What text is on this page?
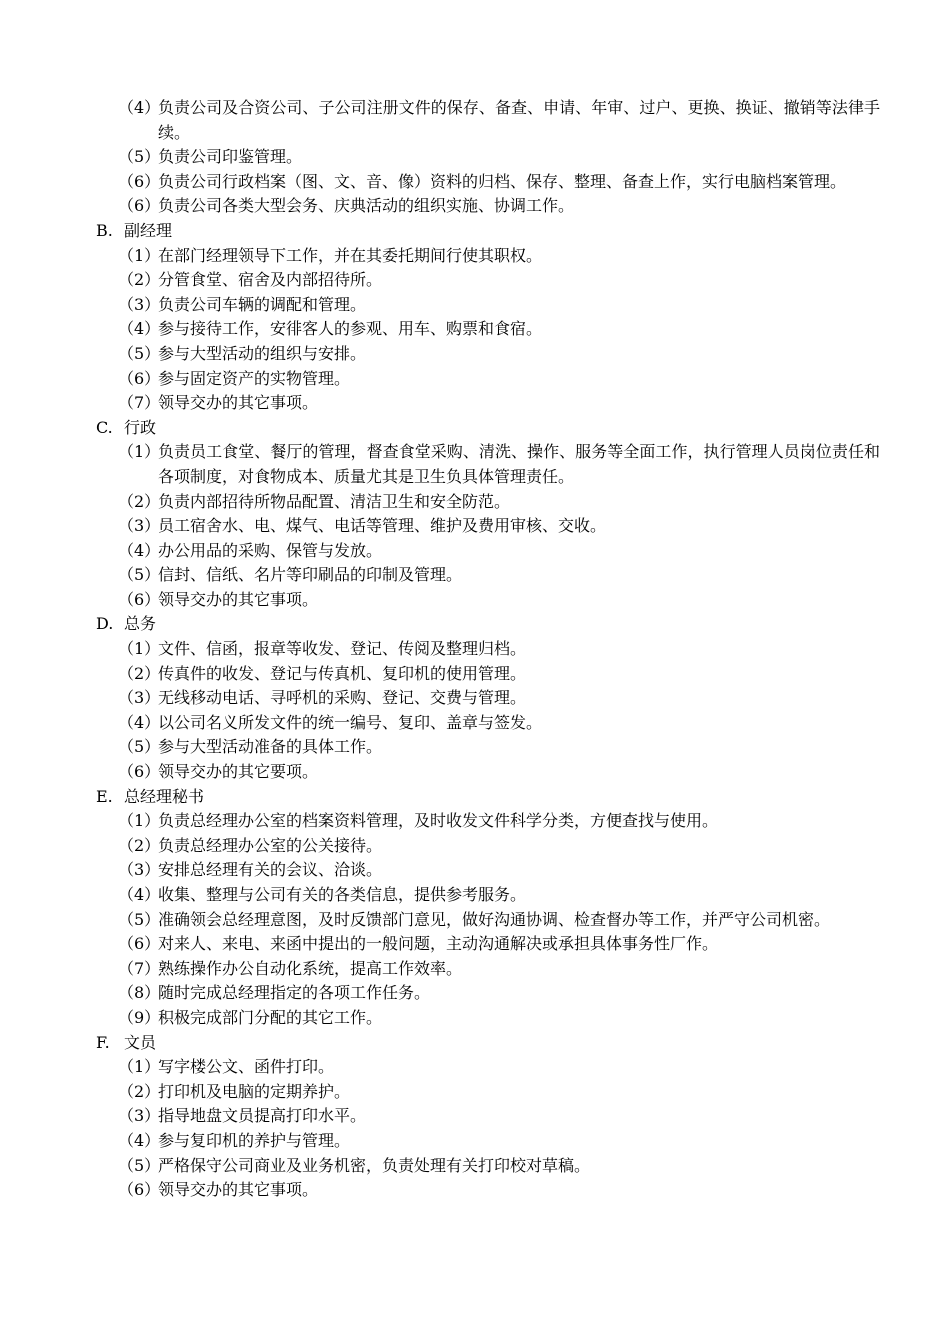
（4）
负责公司及合资公司、子公司注册文件的保存、备查、申请、年审、过户、更换、换证、撤销等法律手续。
（5）
负责公司印鉴管理。
（6）
负责公司行政档案（图、文、音、像）资料的归档、保存、整理、备查上作，实行电脑档案管理。
（6）
负责公司各类大型会务、庆典活动的组织实施、协调工作。
B. 副经理
（1）
在部门经理领导下工作，并在其委托期间行使其职权。
（2）
分管食堂、宿舍及内部招待所。
（3）
负责公司车辆的调配和管理。
（4）
参与接待工作，安徘客人的参观、用车、购票和食宿。
（5）
参与大型活动的组织与安排。
（6）
参与固定资产的实物管理。
（7）
领导交办的其它事项。
C. 行政
（1）
负责员工食堂、餐厅的管理，督查食堂采购、清洗、操作、服务等全面工作，执行管理人员岗位责任和各项制度，对食物成本、质量尤其是卫生负具体管理责任。
（2）
负责内部招待所物品配置、清洁卫生和安全防范。
（3）
员工宿舍水、电、煤气、电话等管理、维护及费用审核、交收。
（4）
办公用品的采购、保管与发放。
（5）
信封、信纸、名片等印刷品的印制及管理。
（6）
领导交办的其它事项。
D. 总务
（1）
文件、信函，报章等收发、登记、传阅及整理归档。
（2）
传真件的收发、登记与传真机、复印机的使用管理。
（3）
无线移动电话、寻呼机的采购、登记、交费与管理。
（4）
以公司名义所发文件的统一编号、复印、盖章与签发。
（5）
参与大型活动准备的具体工作。
（6）
领导交办的其它要项。
E. 总经理秘书
（1）
负责总经理办公室的档案资料管理，及时收发文件科学分类，方便查找与使用。
（2）
负责总经理办公室的公关接待。
（3）
安排总经理有关的会议、洽谈。
（4）
收集、整理与公司有关的各类信息，提供参考服务。
（5）
准确领会总经理意图，及时反馈部门意见，做好沟通协调、检查督办等工作，并严守公司机密。
（6）
对来人、来电、来函中提出的一般问题，主动沟通解决或承担具体事务性厂作。
（7）
熟练操作办公自动化系统，提高工作效率。
（8）
随时完成总经理指定的各项工作任务。
（9）
积极完成部门分配的其它工作。
F. 文员
（1）
写字楼公文、函件打印。
（2）
打印机及电脑的定期养护。
（3）
指导地盘文员提高打印水平。
（4）
参与复印机的养护与管理。
（5）
严格保守公司商业及业务机密，负责处理有关打印校对草稿。
（6）
领导交办的其它事项。
